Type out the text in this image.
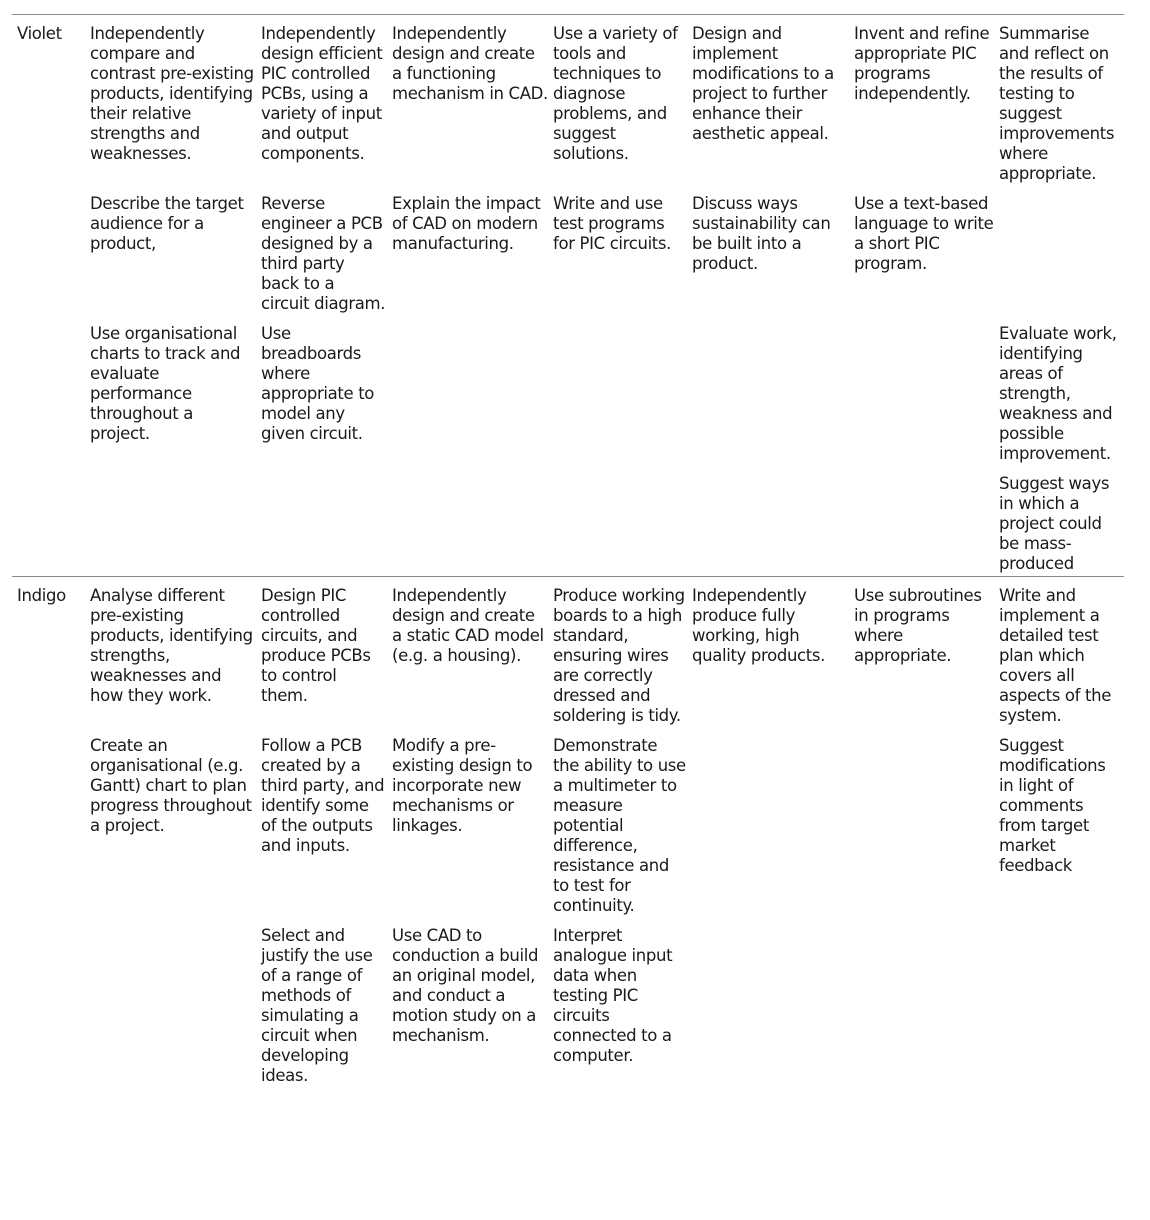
Violet	Independently compare and contrast pre-existing products, identifying their relative strengths and weaknesses.	Independently design efficient PIC controlled PCBs, using a variety of input and output components.	Independently design and create a functioning mechanism in CAD.	Use a variety of tools and techniques to diagnose problems, and suggest solutions.	Design and implement modifications to a project to further enhance their aesthetic appeal.	Invent and refine appropriate PIC programs independently.	Summarise and reflect on the results of testing to suggest improvements where appropriate.
	Describe the target audience for a product,	Reverse engineer a PCB designed by a third party back to a circuit diagram.	Explain the impact of CAD on modern manufacturing.	Write and use test programs for PIC circuits.	Discuss ways sustainability can be built into a product.	Use a text-based language to write a short PIC program.	
	Use organisational charts to track and evaluate performance throughout a project.	Use breadboards where appropriate to model any given circuit.					Evaluate work, identifying areas of strength, weakness and possible improvement.
							Suggest ways in which a project could be mass-produced
Indigo	Analyse different pre-existing products, identifying strengths, weaknesses and how they work.	Design PIC controlled circuits, and produce PCBs to control them.	Independently design and create a static CAD model (e.g. a housing).	Produce working boards to a high standard, ensuring wires are correctly dressed and soldering is tidy.	Independently produce fully working, high quality products.	Use subroutines in programs where appropriate.	Write and implement a detailed test plan which covers all aspects of the system.
	Create an organisational (e.g. Gantt) chart to plan progress throughout a project.	Follow a PCB created by a third party, and identify some of the outputs and inputs.	Modify a pre-existing design to incorporate new mechanisms or linkages.	Demonstrate the ability to use a multimeter to measure potential difference, resistance and to test for continuity.			Suggest modifications in light of comments from target market feedback
		Select and justify the use of a range of methods of simulating a circuit when developing ideas.	Use CAD to conduction a build an original model, and conduct a motion study on a mechanism.	Interpret analogue input data when testing PIC circuits connected to a computer.			
